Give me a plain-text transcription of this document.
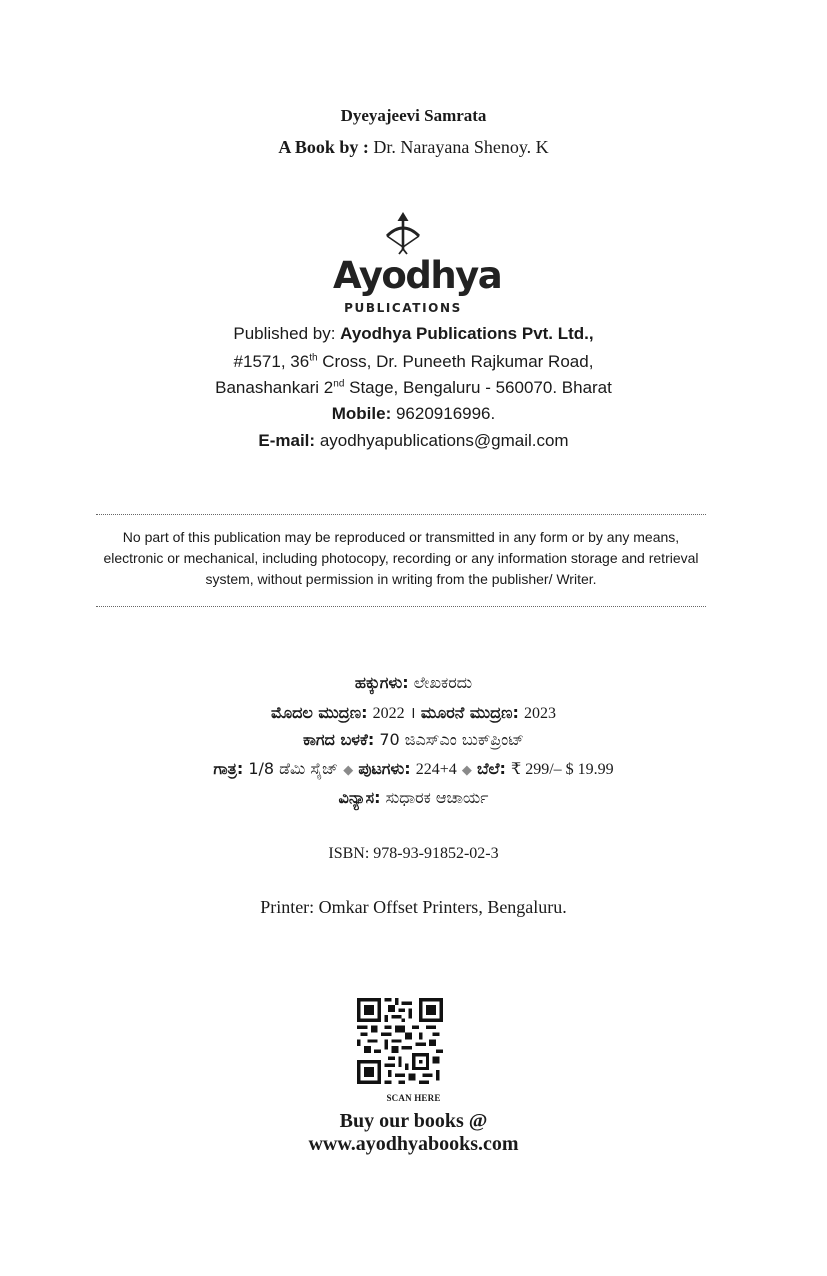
Dyeyajeevi Samrata
A Book by : Dr. Narayana Shenoy. K
Ayodhya
PUBLICATIONS
Published by: Ayodhya Publications Pvt. Ltd.,
#1571, 36th Cross, Dr. Puneeth Rajkumar Road,
Banashankari 2nd Stage, Bengaluru - 560070. Bharat
Mobile: 9620916996.
E-mail: ayodhyapublications@gmail.com
No part of this publication may be reproduced or transmitted in any form or by any means, electronic or mechanical, including photocopy, recording or any information storage and retrieval system, without permission in writing from the publisher/ Writer.
ಹಕ್ಕುಗಳು: ಲೇಖಕರದು
ಮೊದಲ ಮುದ್ರಣ: 2022 । ಮೂರನೆ ಮುದ್ರಣ: 2023
ಕಾಗದ ಬಳಕೆ: 70 ಜಿಎಸ್‌ಎಂ ಬುಕ್‌ಪ್ರಿಂಟ್
ಗಾತ್ರ: 1/8 ಡೆಮಿ ಸೈಜ್ ◆ ಪುಟಗಳು: 224+4 ◆ ಬೆಲೆ: ₹ 299/– $ 19.99
ವಿನ್ಯಾಸ: ಸುಧಾರಕ ಆಚಾರ್ಯ
ISBN: 978-93-91852-02-3
Printer: Omkar Offset Printers, Bengaluru.
SCAN HERE
Buy our books @
www.ayodhyabooks.com
